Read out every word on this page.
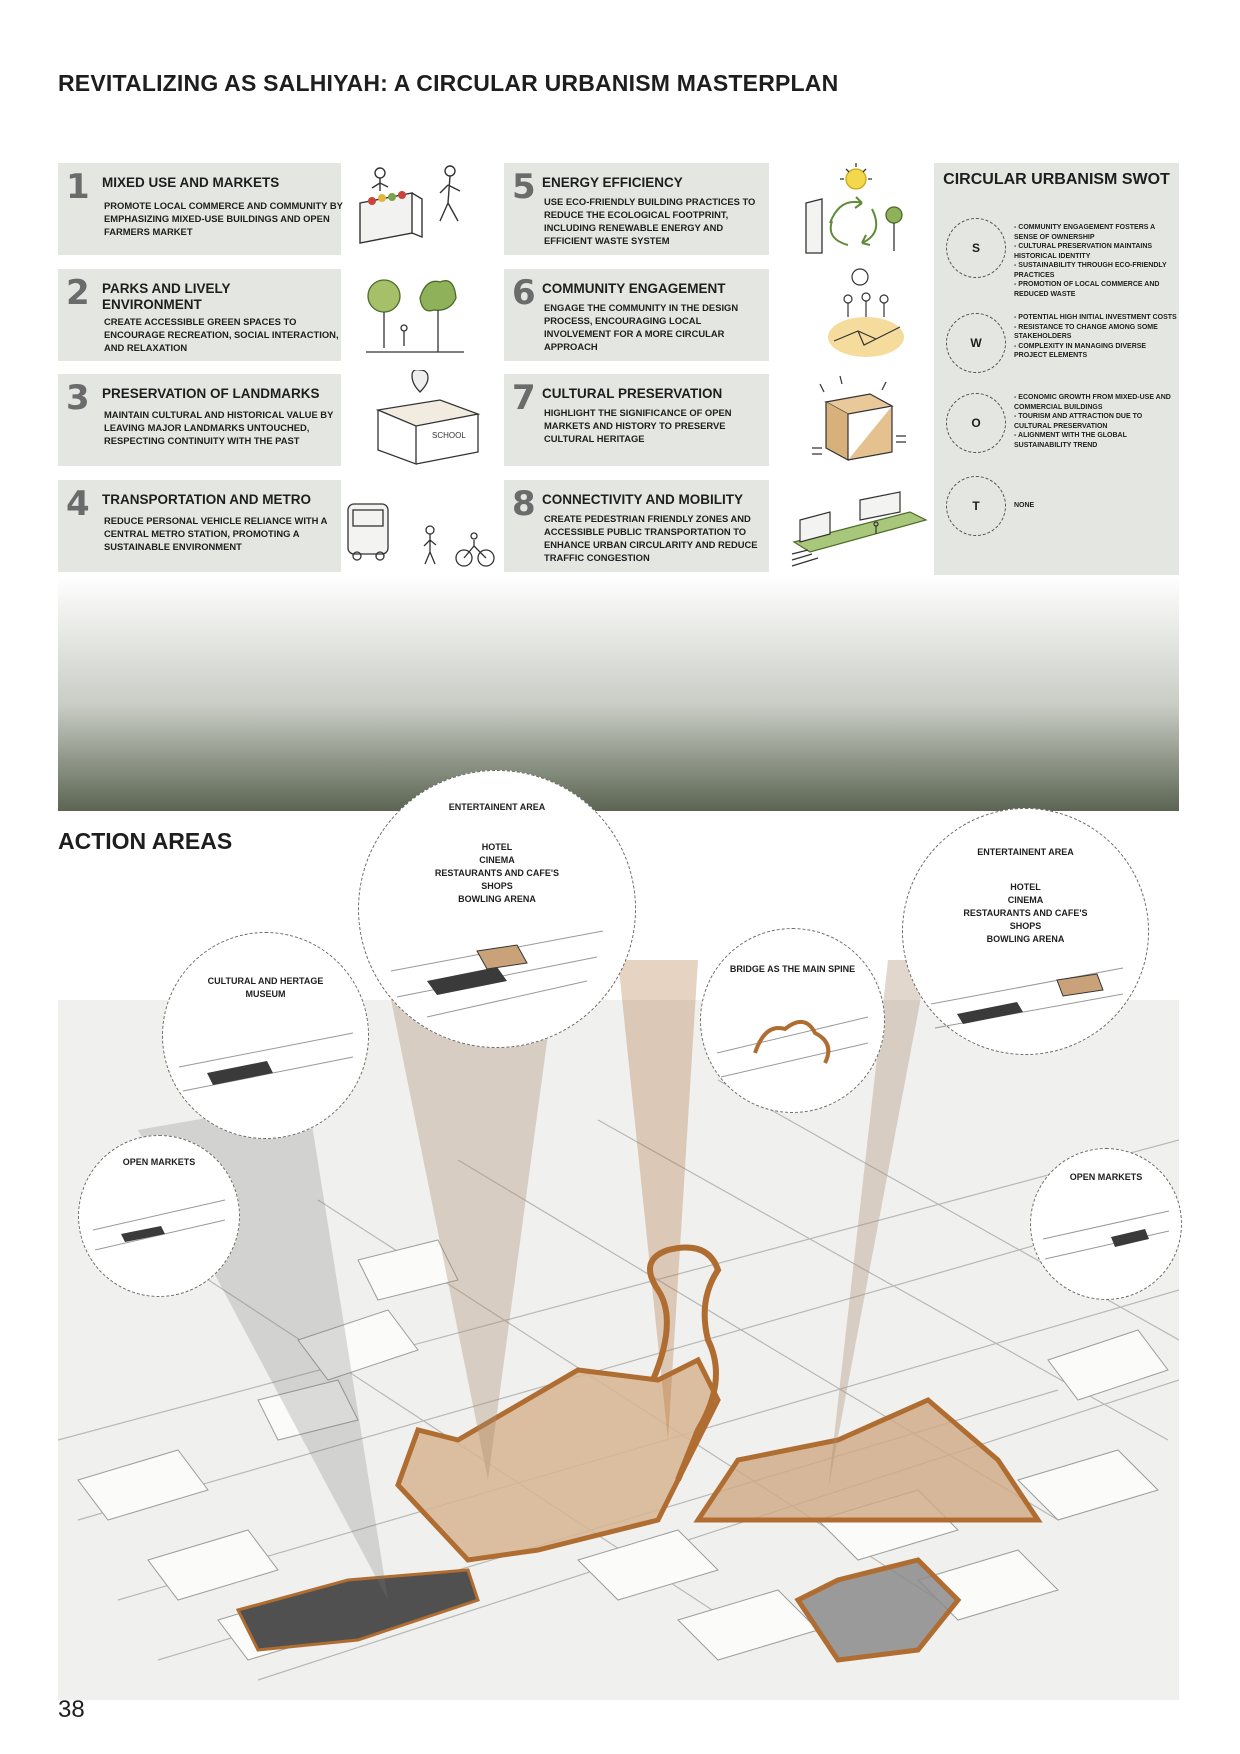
REVITALIZING AS SALHIYAH: A CIRCULAR URBANISM MASTERPLAN
1 MIXED USE AND MARKETS
PROMOTE LOCAL COMMERCE AND COMMUNITY BY EMPHASIZING MIXED-USE BUILDINGS AND OPEN FARMERS MARKET
2 PARKS AND LIVELY ENVIRONMENT
CREATE ACCESSIBLE GREEN SPACES TO ENCOURAGE RECREATION, SOCIAL INTERACTION, AND RELAXATION
3 PRESERVATION OF LANDMARKS
MAINTAIN CULTURAL AND HISTORICAL VALUE BY LEAVING MAJOR LANDMARKS UNTOUCHED, RESPECTING CONTINUITY WITH THE PAST
4 TRANSPORTATION AND METRO
REDUCE PERSONAL VEHICLE RELIANCE WITH A CENTRAL METRO STATION, PROMOTING A SUSTAINABLE ENVIRONMENT
5 ENERGY EFFICIENCY
USE ECO-FRIENDLY BUILDING PRACTICES TO REDUCE THE ECOLOGICAL FOOTPRINT, INCLUDING RENEWABLE ENERGY AND EFFICIENT WASTE SYSTEM
6 COMMUNITY ENGAGEMENT
ENGAGE THE COMMUNITY IN THE DESIGN PROCESS, ENCOURAGING LOCAL INVOLVEMENT FOR A MORE CIRCULAR APPROACH
7 CULTURAL PRESERVATION
HIGHLIGHT THE SIGNIFICANCE OF OPEN MARKETS AND HISTORY TO PRESERVE CULTURAL HERITAGE
8 CONNECTIVITY AND MOBILITY
CREATE PEDESTRIAN FRIENDLY ZONES AND ACCESSIBLE PUBLIC TRANSPORTATION TO ENHANCE URBAN CIRCULARITY AND REDUCE TRAFFIC CONGESTION
SCHOOL
CIRCULAR URBANISM SWOT
S
- COMMUNITY ENGAGEMENT FOSTERS A SENSE OF OWNERSHIP
- CULTURAL PRESERVATION MAINTAINS HISTORICAL IDENTITY
- SUSTAINABILITY THROUGH ECO-FRIENDLY PRACTICES
- PROMOTION OF LOCAL COMMERCE AND REDUCED WASTE
W
- POTENTIAL HIGH INITIAL INVESTMENT COSTS
- RESISTANCE TO CHANGE AMONG SOME STAKEHOLDERS
- COMPLEXITY IN MANAGING DIVERSE PROJECT ELEMENTS
O
- ECONOMIC GROWTH FROM MIXED-USE AND COMMERCIAL BUILDINGS
- TOURISM AND ATTRACTION DUE TO CULTURAL PRESERVATION
- ALIGNMENT WITH THE GLOBAL SUSTAINABILITY TREND
T	NONE
ACTION AREAS
ENTERTAINENT AREA
HOTEL
CINEMA
RESTAURANTS AND CAFE'S
SHOPS
BOWLING ARENA
ENTERTAINENT AREA
HOTEL
CINEMA
RESTAURANTS AND CAFE'S
SHOPS
BOWLING ARENA
CULTURAL AND HERTAGE MUSEUM
BRIDGE AS THE MAIN SPINE
OPEN MARKETS
OPEN MARKETS
38
